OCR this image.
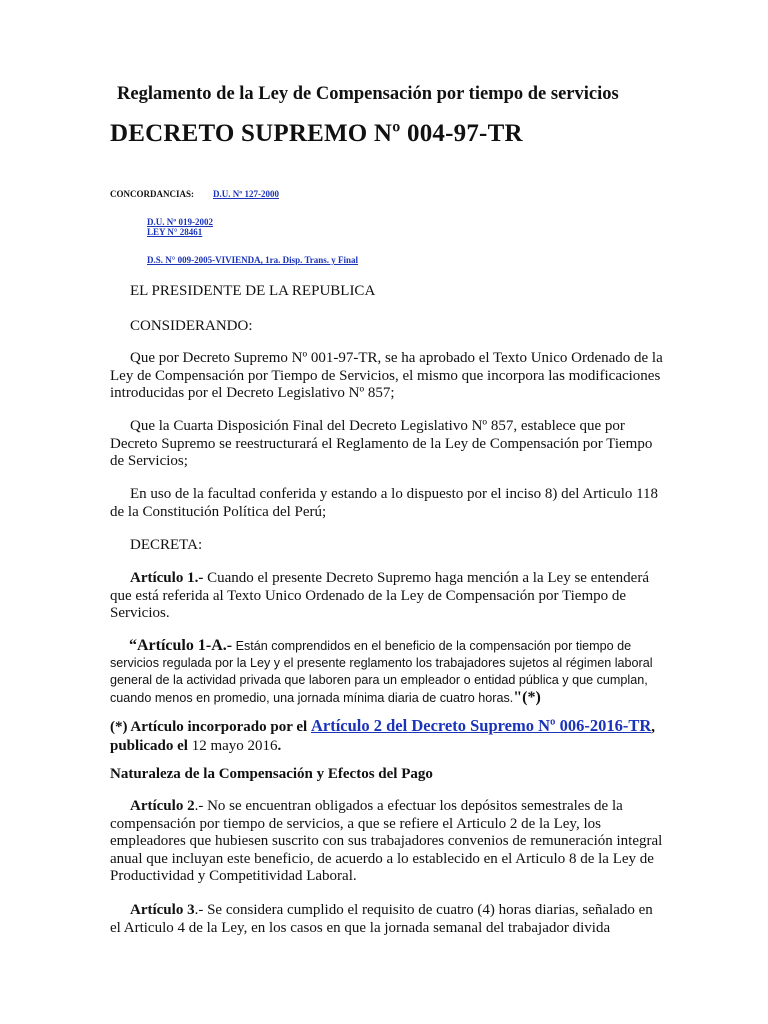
Reglamento de la Ley de Compensación por tiempo de servicios
DECRETO SUPREMO Nº 004-97-TR
CONCORDANCIAS: D.U. Nº 127-2000
D.U. Nº 019-2002
LEY N° 28461
D.S. N° 009-2005-VIVIENDA, 1ra. Disp. Trans. y Final

EL PRESIDENTE DE LA REPUBLICA

CONSIDERANDO:

Que por Decreto Supremo Nº 001-97-TR, se ha aprobado el Texto Unico Ordenado de la Ley de Compensación por Tiempo de Servicios, el mismo que incorpora las modificaciones introducidas por el Decreto Legislativo Nº 857;

Que la Cuarta Disposición Final del Decreto Legislativo Nº 857, establece que por Decreto Supremo se reestructurará el Reglamento de la Ley de Compensación por Tiempo de Servicios;

En uso de la facultad conferida y estando a lo dispuesto por el inciso 8) del Articulo 118 de la Constitución Política del Perú;

DECRETA:

Artículo 1.- Cuando el presente Decreto Supremo haga mención a la Ley se entenderá que está referida al Texto Unico Ordenado de la Ley de Compensación por Tiempo de Servicios.

“Artículo 1-A.- Están comprendidos en el beneficio de la compensación por tiempo de servicios regulada por la Ley y el presente reglamento los trabajadores sujetos al régimen laboral general de la actividad privada que laboren para un empleador o entidad pública y que cumplan, cuando menos en promedio, una jornada mínima diaria de cuatro horas."(*)

(*) Artículo incorporado por el Artículo 2 del Decreto Supremo Nº 006-2016-TR,
publicado el 12 mayo 2016.

Naturaleza de la Compensación y Efectos del Pago

Artículo 2.- No se encuentran obligados a efectuar los depósitos semestrales de la compensación por tiempo de servicios, a que se refiere el Articulo 2 de la Ley, los empleadores que hubiesen suscrito con sus trabajadores convenios de remuneración integral anual que incluyan este beneficio, de acuerdo a lo establecido en el Articulo 8 de la Ley de Productividad y Competitividad Laboral.

Artículo 3.- Se considera cumplido el requisito de cuatro (4) horas diarias, señalado en el Articulo 4 de la Ley, en los casos en que la jornada semanal del trabajador divida
